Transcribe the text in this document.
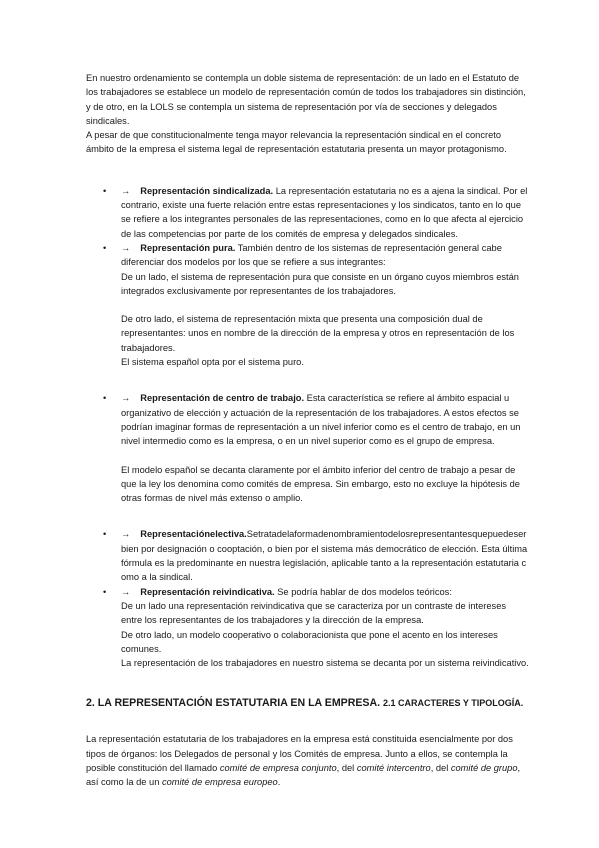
En nuestro ordenamiento se contempla un doble sistema de representación: de un lado en el Estatuto de los trabajadores se establece un modelo de representación común de todos los trabajadores sin distinción, y de otro, en la LOLS se contempla un sistema de representación por vía de secciones y delegados sindicales.

A pesar de que constitucionalmente tenga mayor relevancia la representación sindical en el concreto ámbito de la empresa el sistema legal de representación estatutaria presenta un mayor protagonismo.

• → Representación sindicalizada. La representación estatutaria no es a ajena la sindical. Por el contrario, existe una fuerte relación entre estas representaciones y los sindicatos, tanto en lo que se refiere a los integrantes personales de las representaciones, como en lo que afecta al ejercicio de las competencias por parte de los comités de empresa y delegados sindicales.

• → Representación pura. También dentro de los sistemas de representación general cabe diferenciar dos modelos por los que se refiere a sus integrantes:

De un lado, el sistema de representación pura que consiste en un órgano cuyos miembros están integrados exclusivamente por representantes de los trabajadores.

De otro lado, el sistema de representación mixta que presenta una composición dual de representantes: unos en nombre de la dirección de la empresa y otros en representación de los trabajadores.

El sistema español opta por el sistema puro.

• → Representación de centro de trabajo. Esta característica se refiere al ámbito espacial u organizativo de elección y actuación de la representación de los trabajadores. A estos efectos se podrían imaginar formas de representación a un nivel inferior como es el centro de trabajo, en un nivel intermedio como es la empresa, o en un nivel superior como es el grupo de empresa.

El modelo español se decanta claramente por el ámbito inferior del centro de trabajo a pesar de que la ley los denomina como comités de empresa. Sin embargo, esto no excluye la hipótesis de otras formas de nivel más extenso o amplio.

• → Representaciónelectiva.Setratadelaformadenombramientodelosrepresentantesquepuedeserbien por designación o cooptación, o bien por el sistema más democrático de elección. Esta última fórmula es la predominante en nuestra legislación, aplicable tanto a la representación estatutaria como a la sindical.

• → Representación reivindicativa. Se podría hablar de dos modelos teóricos:

De un lado una representación reivindicativa que se caracteriza por un contraste de intereses entre los representantes de los trabajadores y la dirección de la empresa.

De otro lado, un modelo cooperativo o colaboracionista que pone el acento en los intereses comunes.

La representación de los trabajadores en nuestro sistema se decanta por un sistema reivindicativo.

2. LA REPRESENTACIÓN ESTATUTARIA EN LA EMPRESA. 2.1 CARACTERES Y TIPOLOGÍA.

La representación estatutaria de los trabajadores en la empresa está constituida esencialmente por dos tipos de órganos: los Delegados de personal y los Comités de empresa. Junto a ellos, se contempla la posible constitución del llamado comité de empresa conjunto, del comité intercentro, del comité de grupo, así como la de un comité de empresa europeo.
